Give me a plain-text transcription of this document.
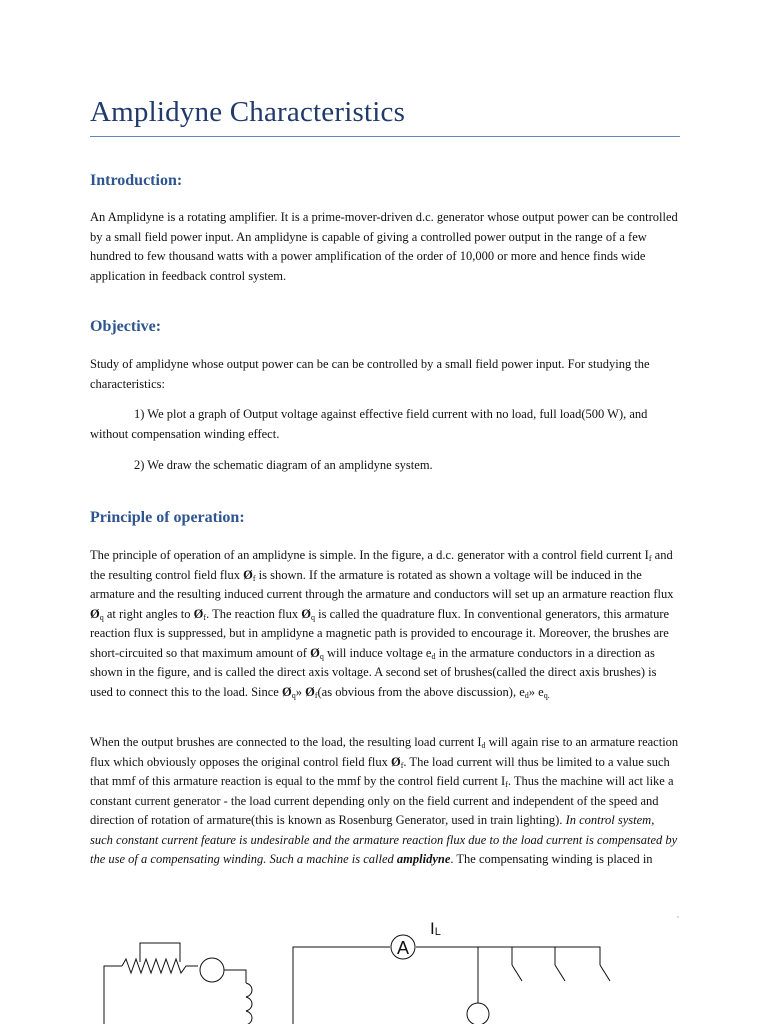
Amplidyne Characteristics
Introduction:

An Amplidyne is a rotating amplifier. It is a prime-mover-driven d.c. generator whose output power can be controlled by a small field power input. An amplidyne is capable of giving a controlled power output in the range of a few hundred to few thousand watts with a power amplification of the order of 10,000 or more and hence finds wide application in feedback control system.

Objective:

Study of amplidyne whose output power can be can be controlled by a small field power input. For studying the characteristics:

1) We plot a graph of Output voltage against effective field current with no load, full load(500 W), and without compensation winding effect.

2) We draw the schematic diagram of an amplidyne system.

Principle of operation:

The principle of operation of an amplidyne is simple. In the figure, a d.c. generator with a control field current $I_f$ and the resulting control field flux $Ø_f$ is shown. If the armature is rotated as shown a voltage will be induced in the armature and the resulting induced current through the armature and conductors will set up an armature reaction flux $Ø_q$ at right angles to $Ø_f$. The reaction flux $Ø_q$ is called the quadrature flux. In conventional generators, this armature reaction flux is suppressed, but in amplidyne a magnetic path is provided to encourage it. Moreover, the brushes are short-circuited so that maximum amount of $Ø_q$ will induce voltage $e_d$ in the armature conductors in a direction as shown in the figure, and is called the direct axis voltage. A second set of brushes(called the direct axis brushes) is used to connect this to the load. Since $Ø_q$» $Ø_f(as$ obvious from the above discussion), $e_d$» $e_{q.}$

When the output brushes are connected to the load, the resulting load current $I_d$ will again rise to an armature reaction flux which obviously opposes the original control field flux $Ø_f$. The load current will thus be limited to a value such that mmf of this armature reaction is equal to the mmf by the control field current $I_f$. Thus the machine will act like a constant current generator - the load current depending only on the field current and independent of the speed and direction of rotation of armature(this is known as Rosenburg Generator, used in train lighting). In control system, such constant current feature is undesirable and the armature reaction flux due to the load current is compensated by the use of a compensating winding. Such a machine is called amplidyne. The compensating winding is placed in

A
IL
